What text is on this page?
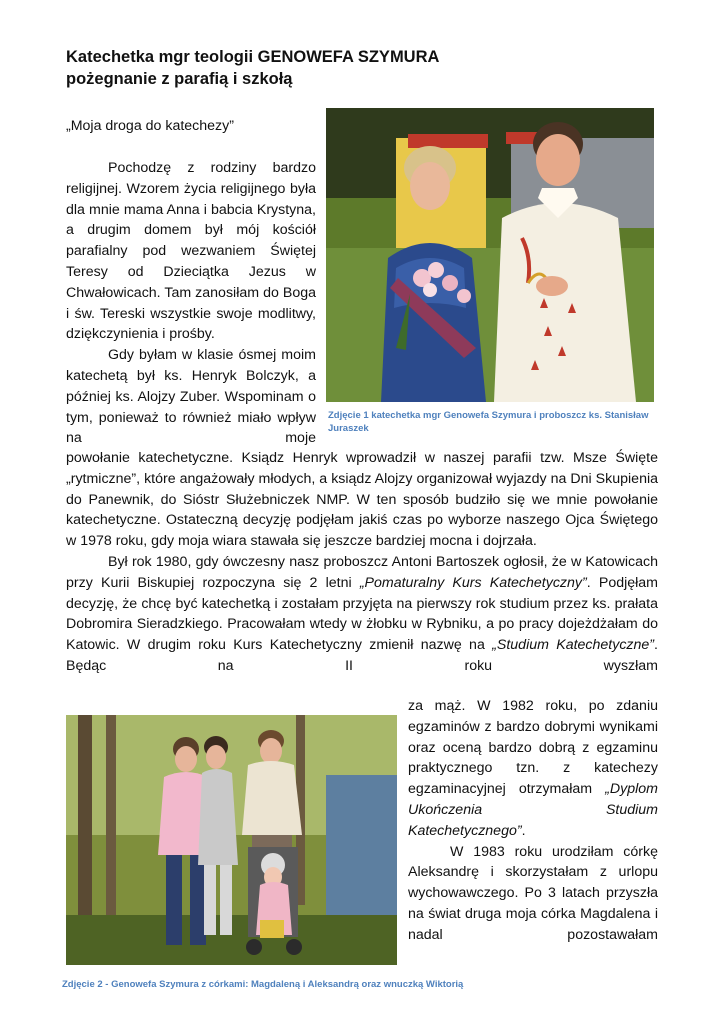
Katechetka mgr teologii GENOWEFA SZYMURA
pożegnanie z parafią i szkołą
„Moja droga do katechezy”

Pochodzę z rodziny bardzo religijnej. Wzorem życia religijnego była dla mnie mama Anna i babcia Krystyna, a drugim domem był mój kościół parafialny pod wezwaniem Świętej Teresy od Dzieciątka Jezus w Chwałowicach. Tam zanosiłam do Boga i św. Tereski wszystkie swoje modlitwy, dziękczynienia i prośby.

Gdy byłam w klasie ósmej moim katechetą był ks. Henryk Bolczyk, a później ks. Alojzy Zuber. Wspominam o tym, ponieważ to również miało wpływ na moje

Zdjęcie 1 katechetka mgr Genowefa Szymura i proboszcz ks. Stanisław Juraszek

powołanie katechetyczne. Ksiądz Henryk wprowadził w naszej parafii tzw. Msze Święte „rytmiczne”, które angażowały młodych, a ksiądz Alojzy organizował wyjazdy na Dni Skupienia do Panewnik, do Sióstr Służebniczek NMP. W ten sposób budziło się we mnie powołanie katechetyczne. Ostateczną decyzję podjęłam jakiś czas po wyborze naszego Ojca Świętego w 1978 roku, gdy moja wiara stawała się jeszcze bardziej mocna i dojrzała.

Był rok 1980, gdy ówczesny nasz proboszcz Antoni Bartoszek ogłosił, że w Katowicach przy Kurii Biskupiej rozpoczyna się 2 letni „Pomaturalny Kurs Katechetyczny”. Podjęłam decyzję, że chcę być katechetką i zostałam przyjęta na pierwszy rok studium przez ks. prałata Dobromira Sieradzkiego. Pracowałam wtedy w żłobku w Rybniku, a po pracy dojeżdżałam do Katowic. W drugim roku Kurs Katechetyczny zmienił nazwę na „Studium Katechetyczne”. Będąc na II roku wyszłam

za mąż. W 1982 roku, po zdaniu egzaminów z bardzo dobrymi wynikami oraz oceną bardzo dobrą z egzaminu praktycznego tzn. z katechezy egzaminacyjnej otrzymałam „Dyplom Ukończenia Studium Katechetycznego”.

W 1983 roku urodziłam córkę Aleksandrę i skorzystałam z urlopu wychowawczego. Po 3 latach przyszła na świat druga moja córka Magdalena i nadal pozostawałam

Zdjęcie 2 - Genowefa Szymura z córkami: Magdaleną i Aleksandrą oraz wnuczką Wiktorią
